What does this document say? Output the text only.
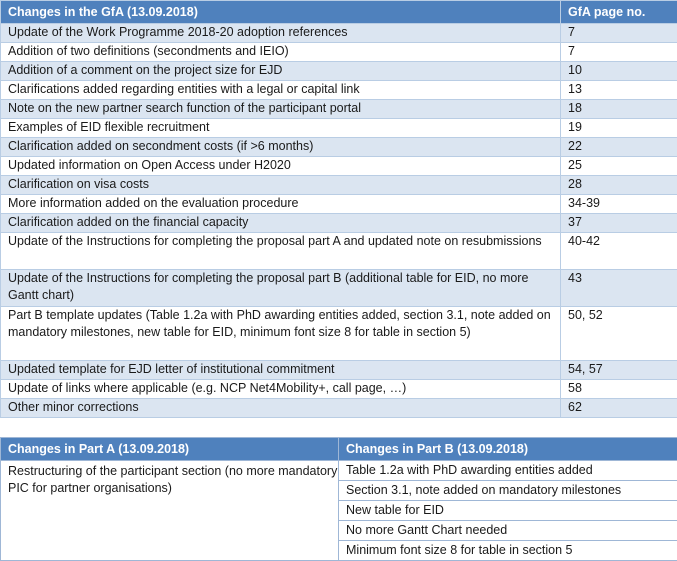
Changes in the GfA (13.09.2018)	GfA page no.
Update of the Work Programme 2018-20 adoption references	7
Addition of two definitions (secondments and IEIO)	7
Addition of a comment on the project size for EJD	10
Clarifications added regarding entities with a legal or capital link	13
Note on the new partner search function of the participant portal	18
Examples of EID flexible recruitment	19
Clarification added on secondment costs (if >6 months)	22
Updated information on Open Access under H2020	25
Clarification on visa costs	28
More information added on the evaluation procedure	34-39
Clarification added on the financial capacity	37
Update of the Instructions for completing the proposal part A and updated note on resubmissions	40-42
Update of the Instructions for completing the proposal part B (additional table for EID, no more Gantt chart)	43
Part B template updates (Table 1.2a with PhD awarding entities added, section 3.1, note added on mandatory milestones, new table for EID, minimum font size 8 for table in section 5)	50, 52
Updated template for EJD letter of institutional commitment	54, 57
Update of links where applicable (e.g. NCP Net4Mobility+, call page, …)	58
Other minor corrections	62
Changes in Part A (13.09.2018)	Changes in Part B (13.09.2018)
Restructuring of the participant section (no more mandatory PIC for partner organisations)	Table 1.2a with PhD awarding entities added
	Section 3.1, note added on mandatory milestones
	New table for EID
	No more Gantt Chart needed
	Minimum font size 8 for table in section 5
